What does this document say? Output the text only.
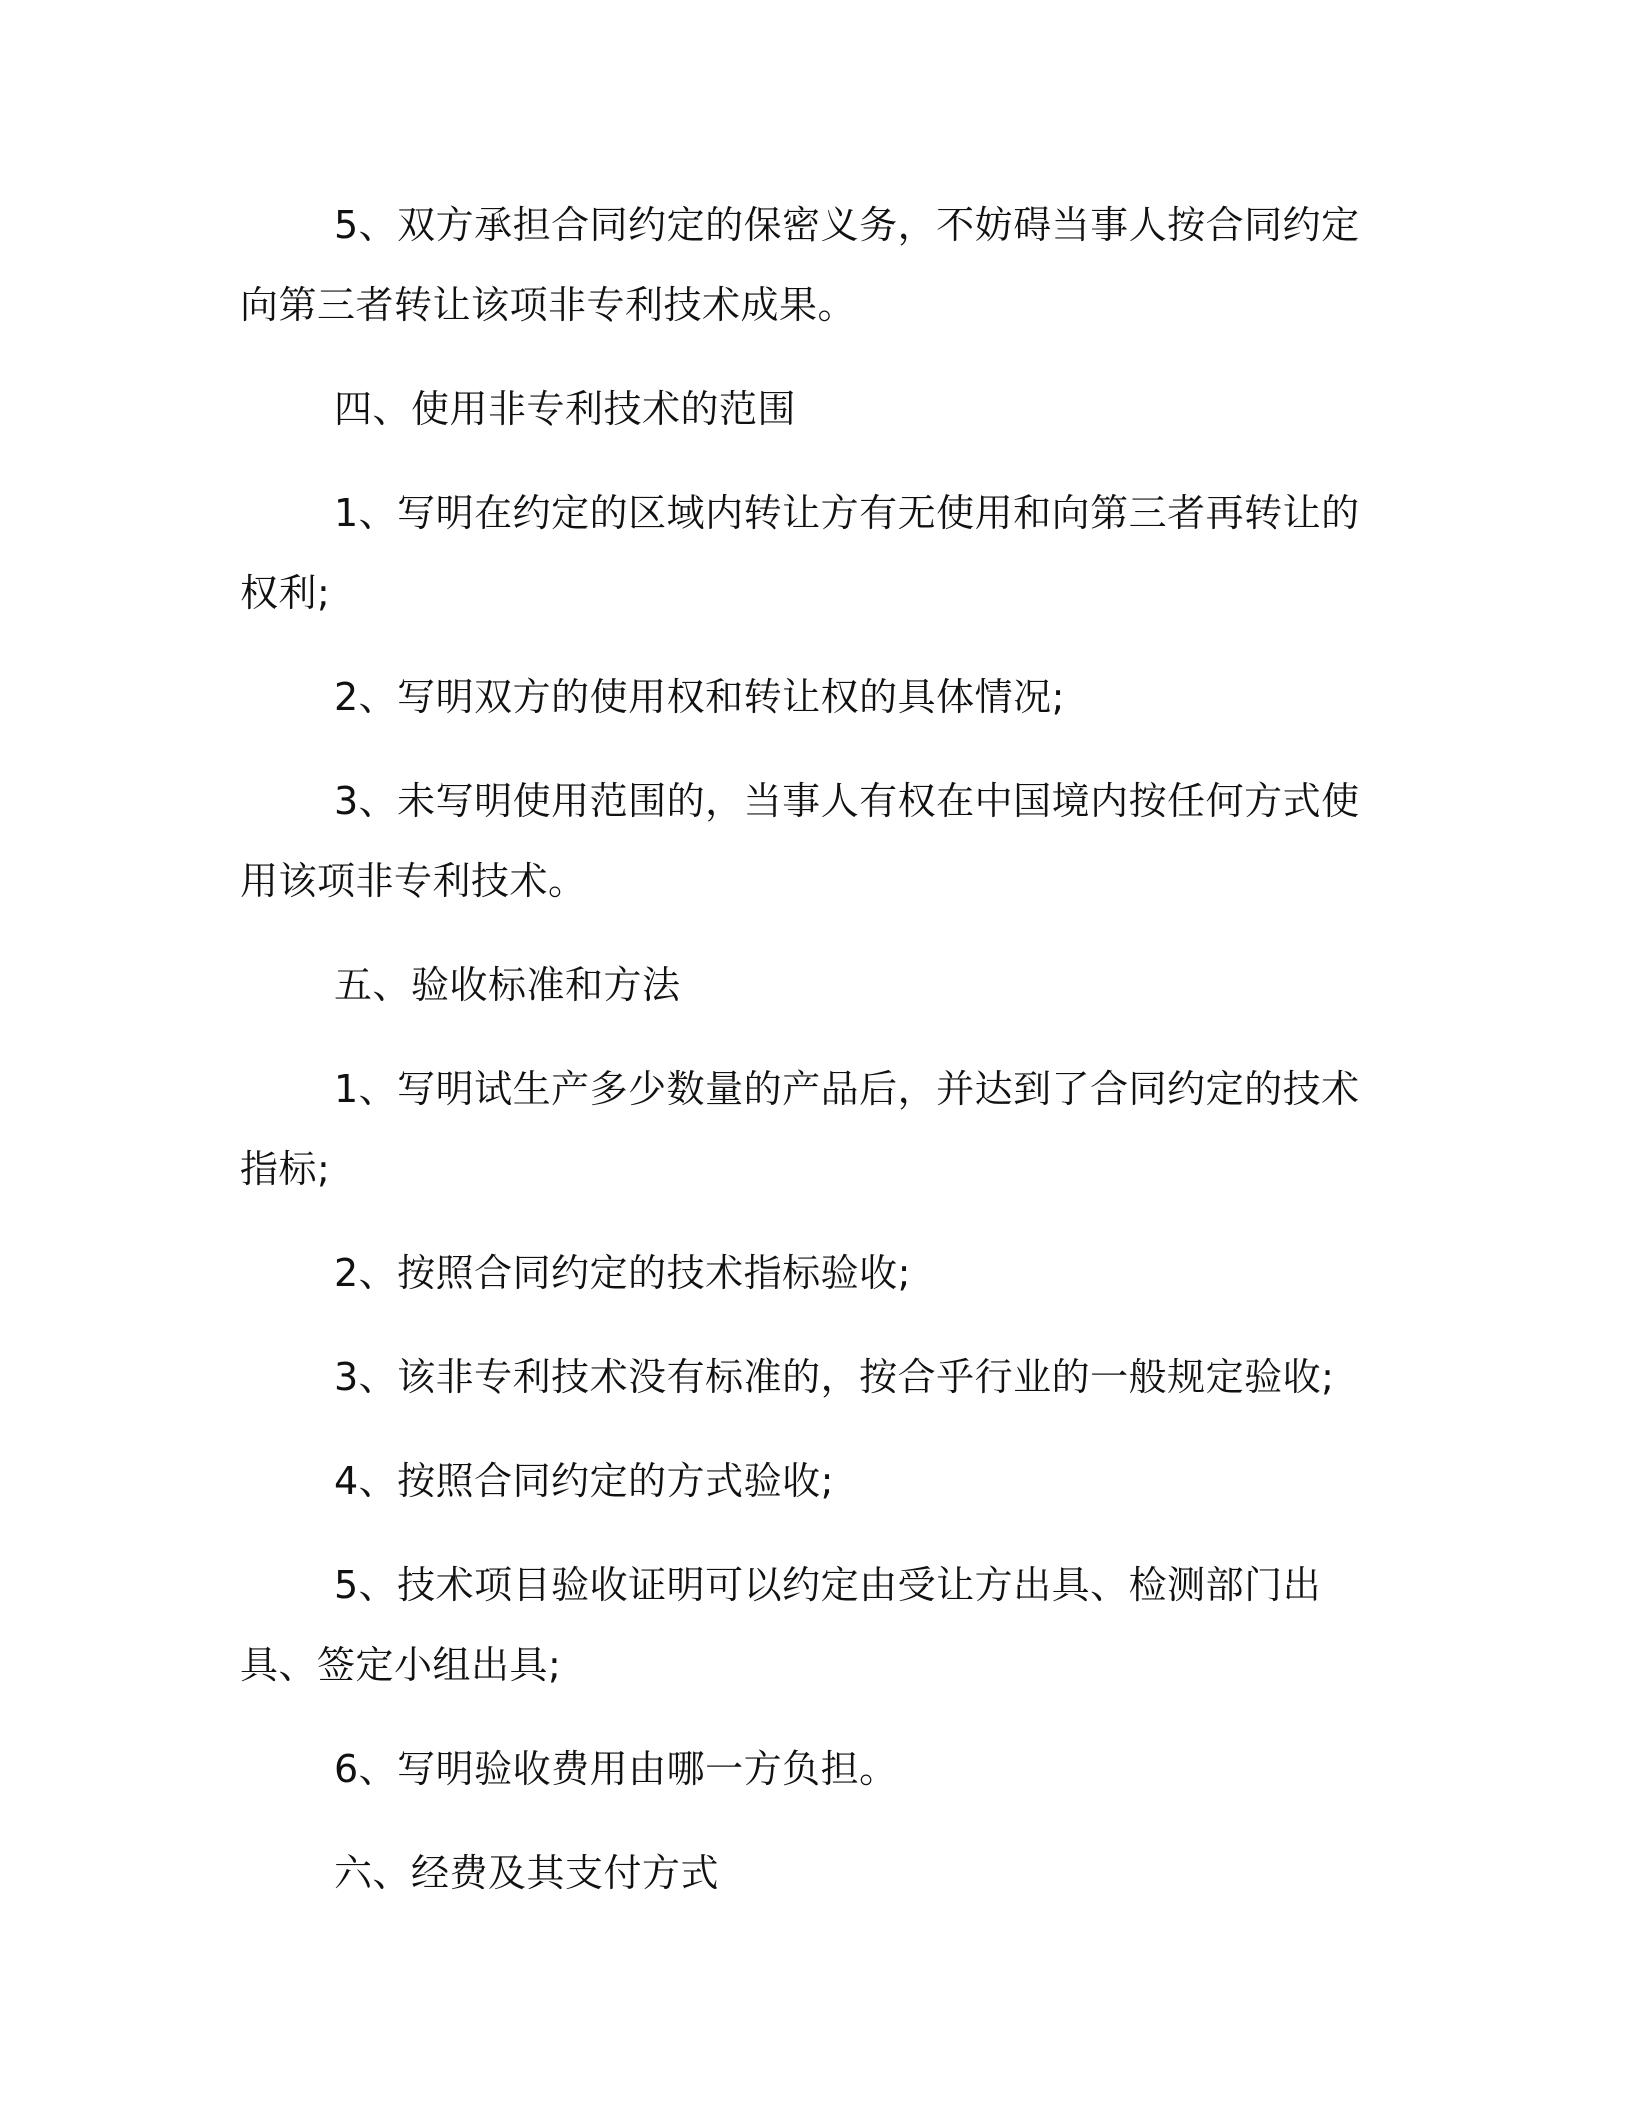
5、双方承担合同约定的保密义务，不妨碍当事人按合同约定向第三者转让该项非专利技术成果。

四、使用非专利技术的范围

1、写明在约定的区域内转让方有无使用和向第三者再转让的权利;

2、写明双方的使用权和转让权的具体情况;

3、未写明使用范围的，当事人有权在中国境内按任何方式使用该项非专利技术。

五、验收标准和方法

1、写明试生产多少数量的产品后，并达到了合同约定的技术指标;

2、按照合同约定的技术指标验收;

3、该非专利技术没有标准的，按合乎行业的一般规定验收;

4、按照合同约定的方式验收;

5、技术项目验收证明可以约定由受让方出具、检测部门出具、签定小组出具;

6、写明验收费用由哪一方负担。

六、经费及其支付方式
